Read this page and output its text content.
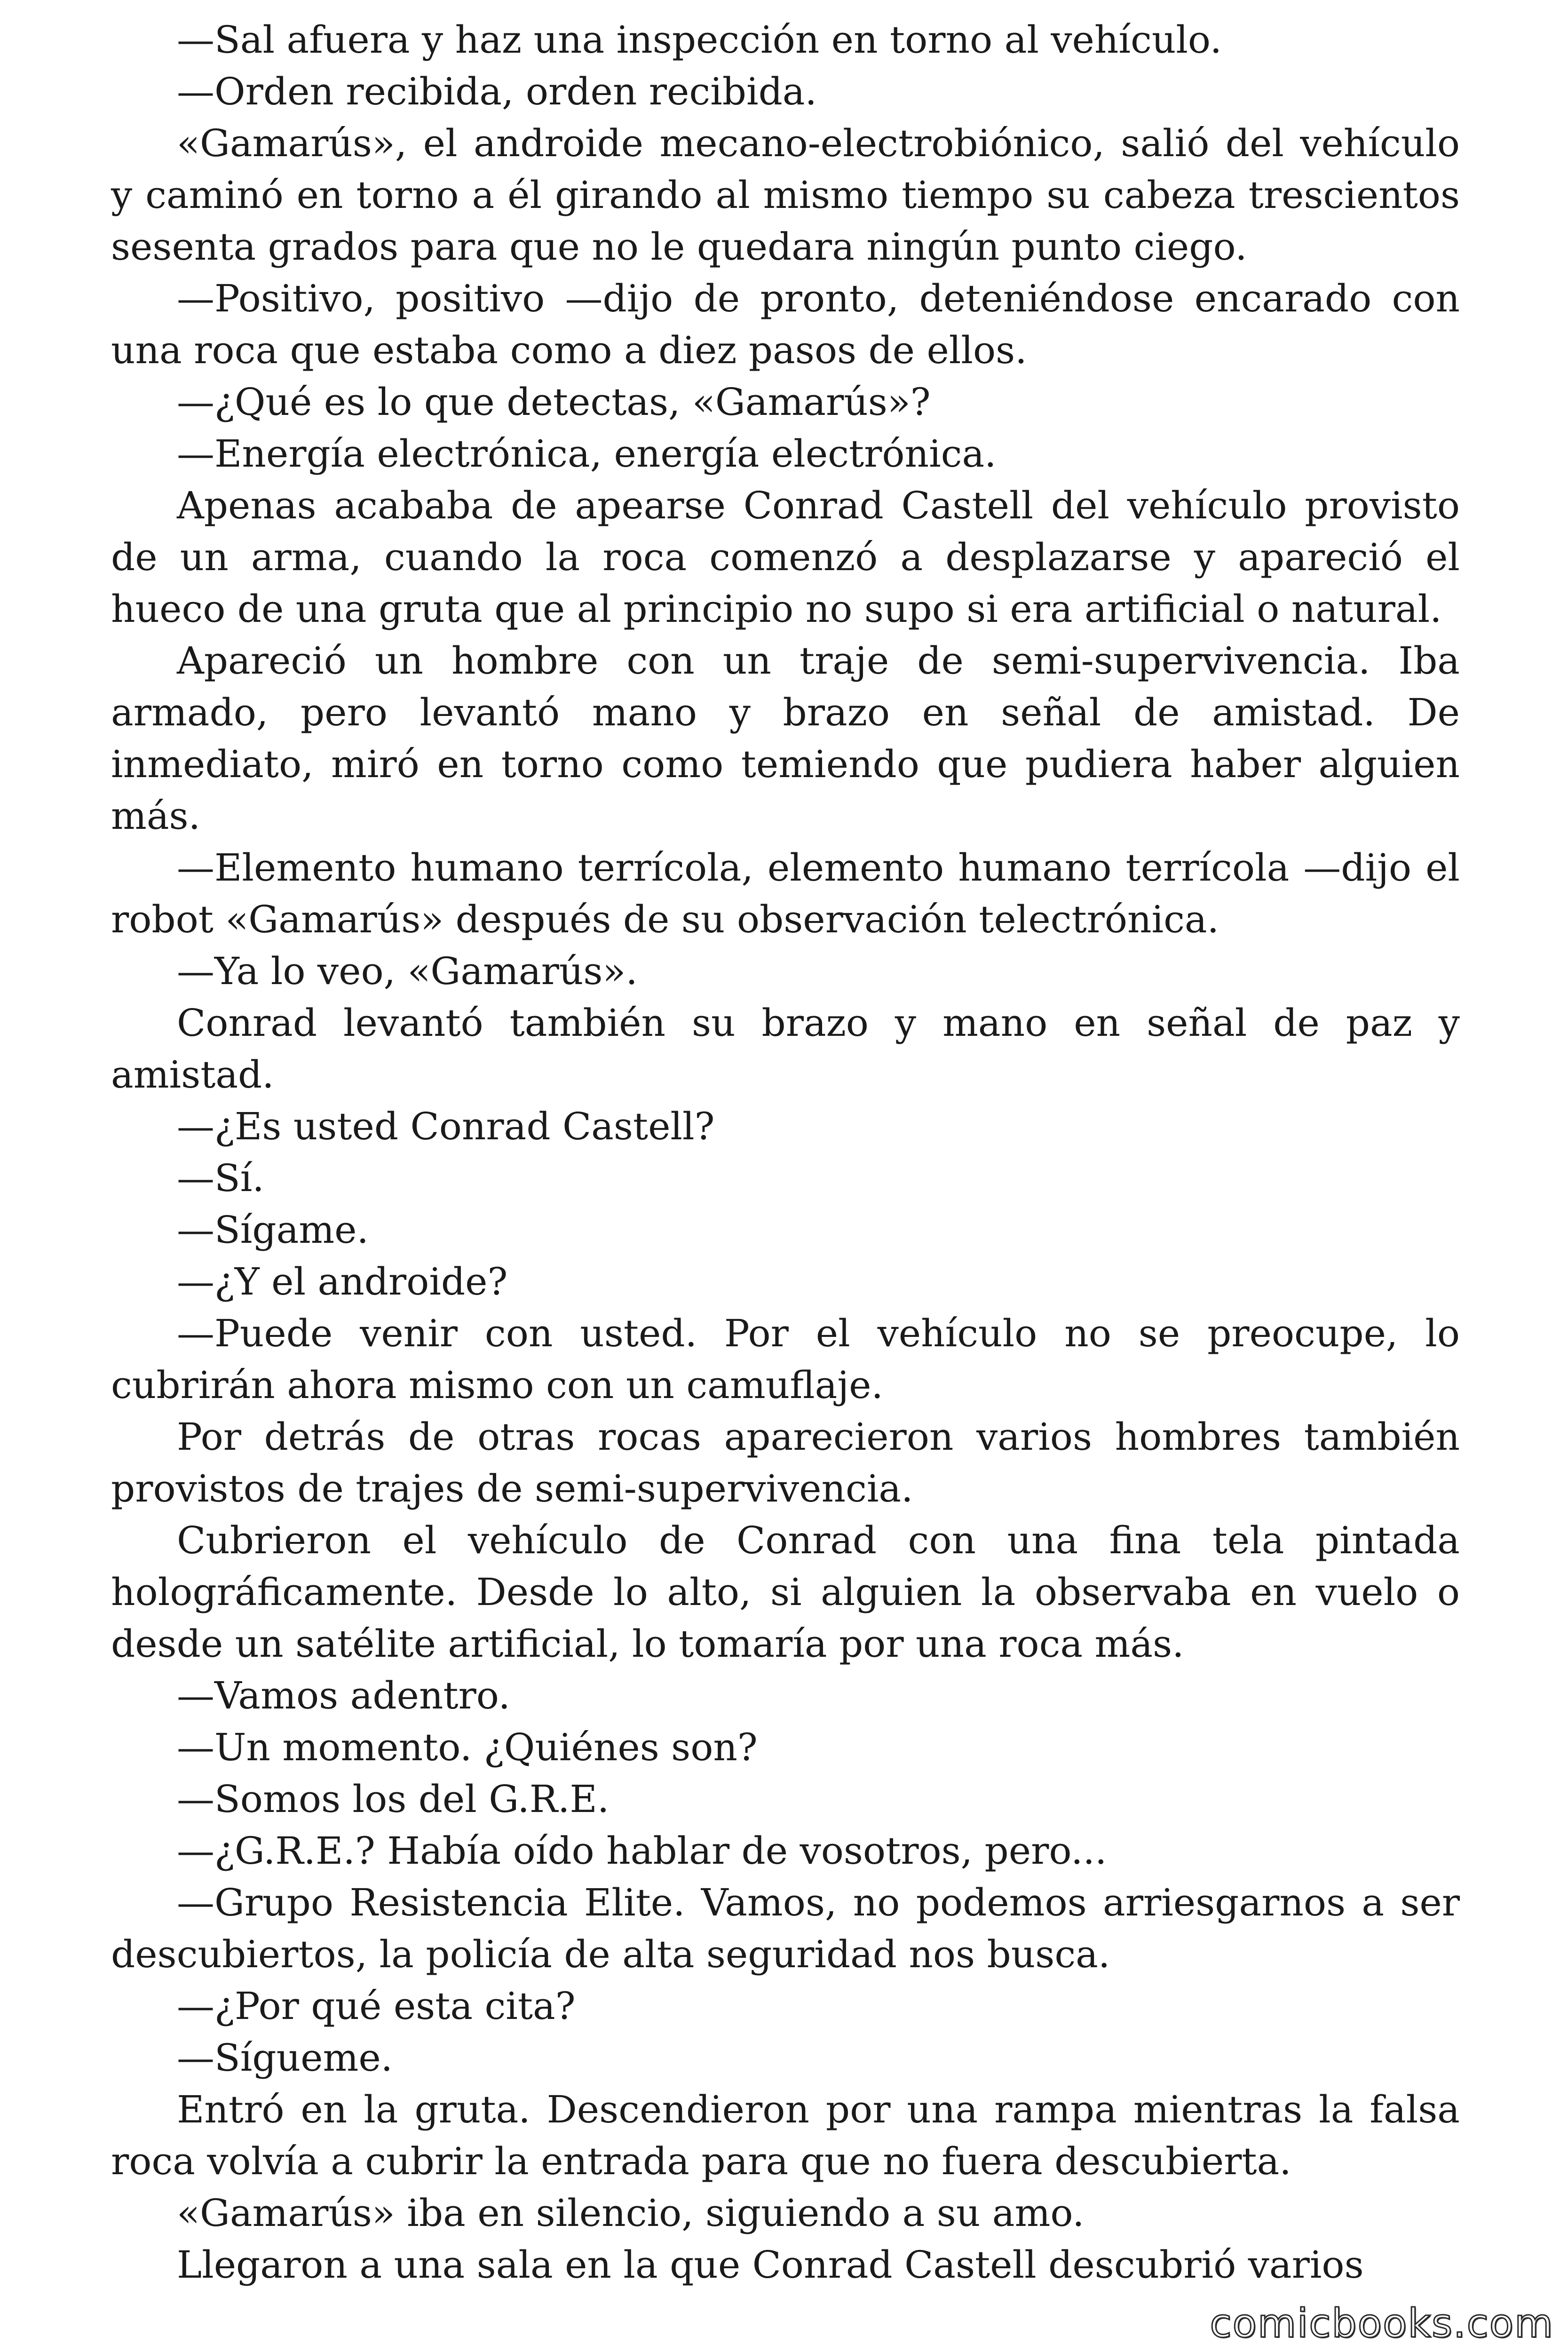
—Sal afuera y haz una inspección en torno al vehículo.

—Orden recibida, orden recibida.

«Gamarús», el androide mecano-electrobiónico, salió del vehículo y caminó en torno a él girando al mismo tiempo su cabeza trescientos sesenta grados para que no le quedara ningún punto ciego.

—Positivo, positivo —dijo de pronto, deteniéndose encarado con una roca que estaba como a diez pasos de ellos.

—¿Qué es lo que detectas, «Gamarús»?

—Energía electrónica, energía electrónica.

Apenas acababa de apearse Conrad Castell del vehículo provisto de un arma, cuando la roca comenzó a desplazarse y apareció el hueco de una gruta que al principio no supo si era artificial o natural.

Apareció un hombre con un traje de semi-supervivencia. Iba armado, pero levantó mano y brazo en señal de amistad. De inmediato, miró en torno como temiendo que pudiera haber alguien más.

—Elemento humano terrícola, elemento humano terrícola —dijo el robot «Gamarús» después de su observación telectrónica.

—Ya lo veo, «Gamarús».

Conrad levantó también su brazo y mano en señal de paz y amistad.

—¿Es usted Conrad Castell?

—Sí.

—Sígame.

—¿Y el androide?

—Puede venir con usted. Por el vehículo no se preocupe, lo cubrirán ahora mismo con un camuflaje.

Por detrás de otras rocas aparecieron varios hombres también provistos de trajes de semi-supervivencia.

Cubrieron el vehículo de Conrad con una fina tela pintada holográficamente. Desde lo alto, si alguien la observaba en vuelo o desde un satélite artificial, lo tomaría por una roca más.

—Vamos adentro.

—Un momento. ¿Quiénes son?

—Somos los del G.R.E.

—¿G.R.E.? Había oído hablar de vosotros, pero...

—Grupo Resistencia Elite. Vamos, no podemos arriesgarnos a ser descubiertos, la policía de alta seguridad nos busca.

—¿Por qué esta cita?

—Sígueme.

Entró en la gruta. Descendieron por una rampa mientras la falsa roca volvía a cubrir la entrada para que no fuera descubierta.

«Gamarús» iba en silencio, siguiendo a su amo.

Llegaron a una sala en la que Conrad Castell descubrió varios

comicbooks.com
